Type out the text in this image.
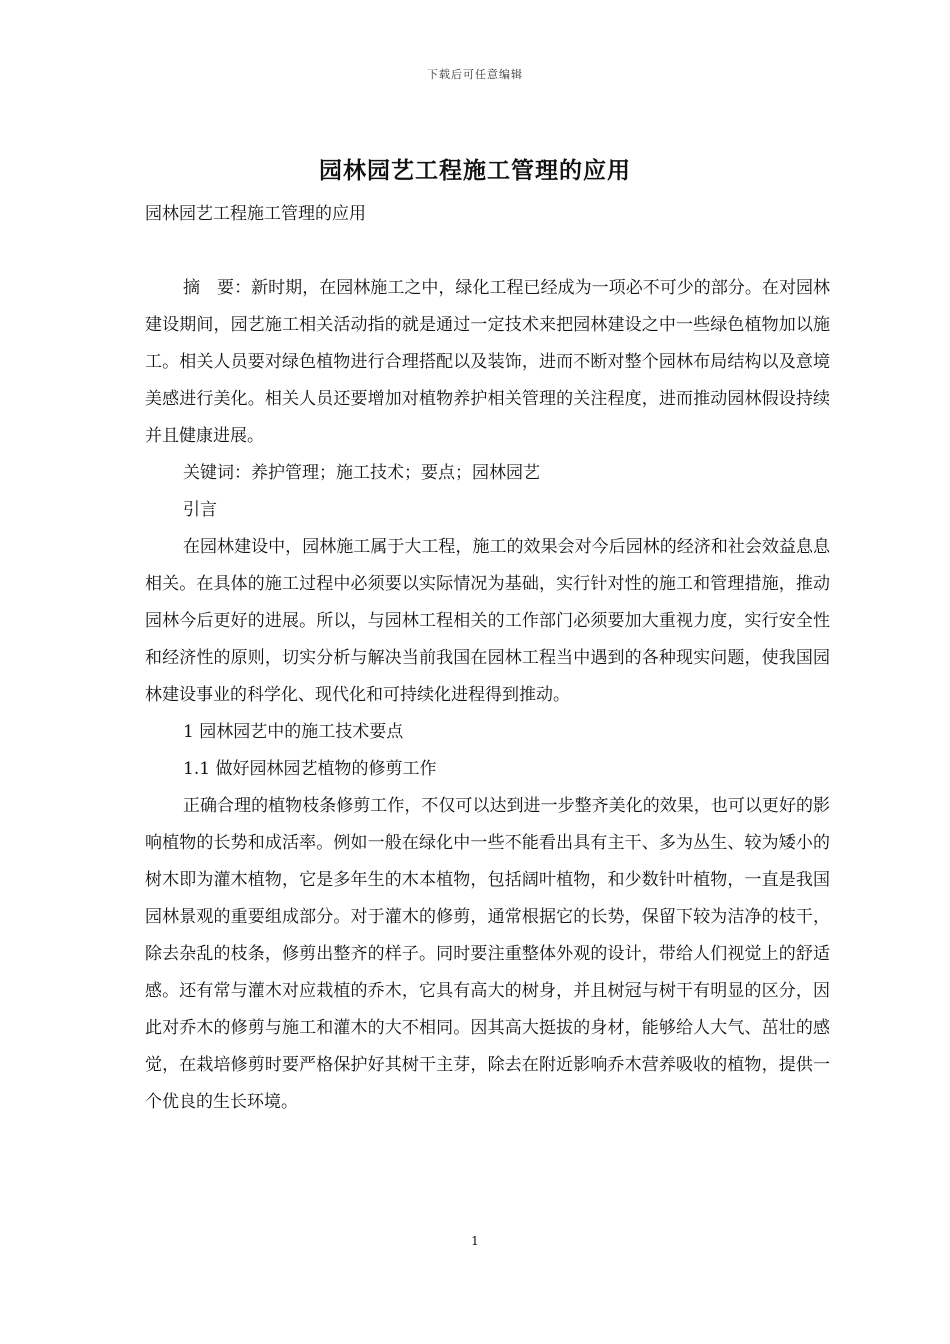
下载后可任意编辑
园林园艺工程施工管理的应用

园林园艺工程施工管理的应用

摘　要：新时期，在园林施工之中，绿化工程已经成为一项必不可少的部分。在对园林建设期间，园艺施工相关活动指的就是通过一定技术来把园林建设之中一些绿色植物加以施工。相关人员要对绿色植物进行合理搭配以及装饰，进而不断对整个园林布局结构以及意境美感进行美化。相关人员还要增加对植物养护相关管理的关注程度，进而推动园林假设持续并且健康进展。

关键词：养护管理；施工技术；要点；园林园艺

引言

在园林建设中，园林施工属于大工程，施工的效果会对今后园林的经济和社会效益息息相关。在具体的施工过程中必须要以实际情况为基础，实行针对性的施工和管理措施，推动园林今后更好的进展。所以，与园林工程相关的工作部门必须要加大重视力度，实行安全性和经济性的原则，切实分析与解决当前我国在园林工程当中遇到的各种现实问题，使我国园林建设事业的科学化、现代化和可持续化进程得到推动。

1 园林园艺中的施工技术要点

1.1 做好园林园艺植物的修剪工作

正确合理的植物枝条修剪工作，不仅可以达到进一步整齐美化的效果，也可以更好的影响植物的长势和成活率。例如一般在绿化中一些不能看出具有主干、多为丛生、较为矮小的树木即为灌木植物，它是多年生的木本植物，包括阔叶植物，和少数针叶植物，一直是我国园林景观的重要组成部分。对于灌木的修剪，通常根据它的长势，保留下较为洁净的枝干，除去杂乱的枝条，修剪出整齐的样子。同时要注重整体外观的设计，带给人们视觉上的舒适感。还有常与灌木对应栽植的乔木，它具有高大的树身，并且树冠与树干有明显的区分，因此对乔木的修剪与施工和灌木的大不相同。因其高大挺拔的身材，能够给人大气、茁壮的感觉，在栽培修剪时要严格保护好其树干主芽，除去在附近影响乔木营养吸收的植物，提供一个优良的生长环境。

1
